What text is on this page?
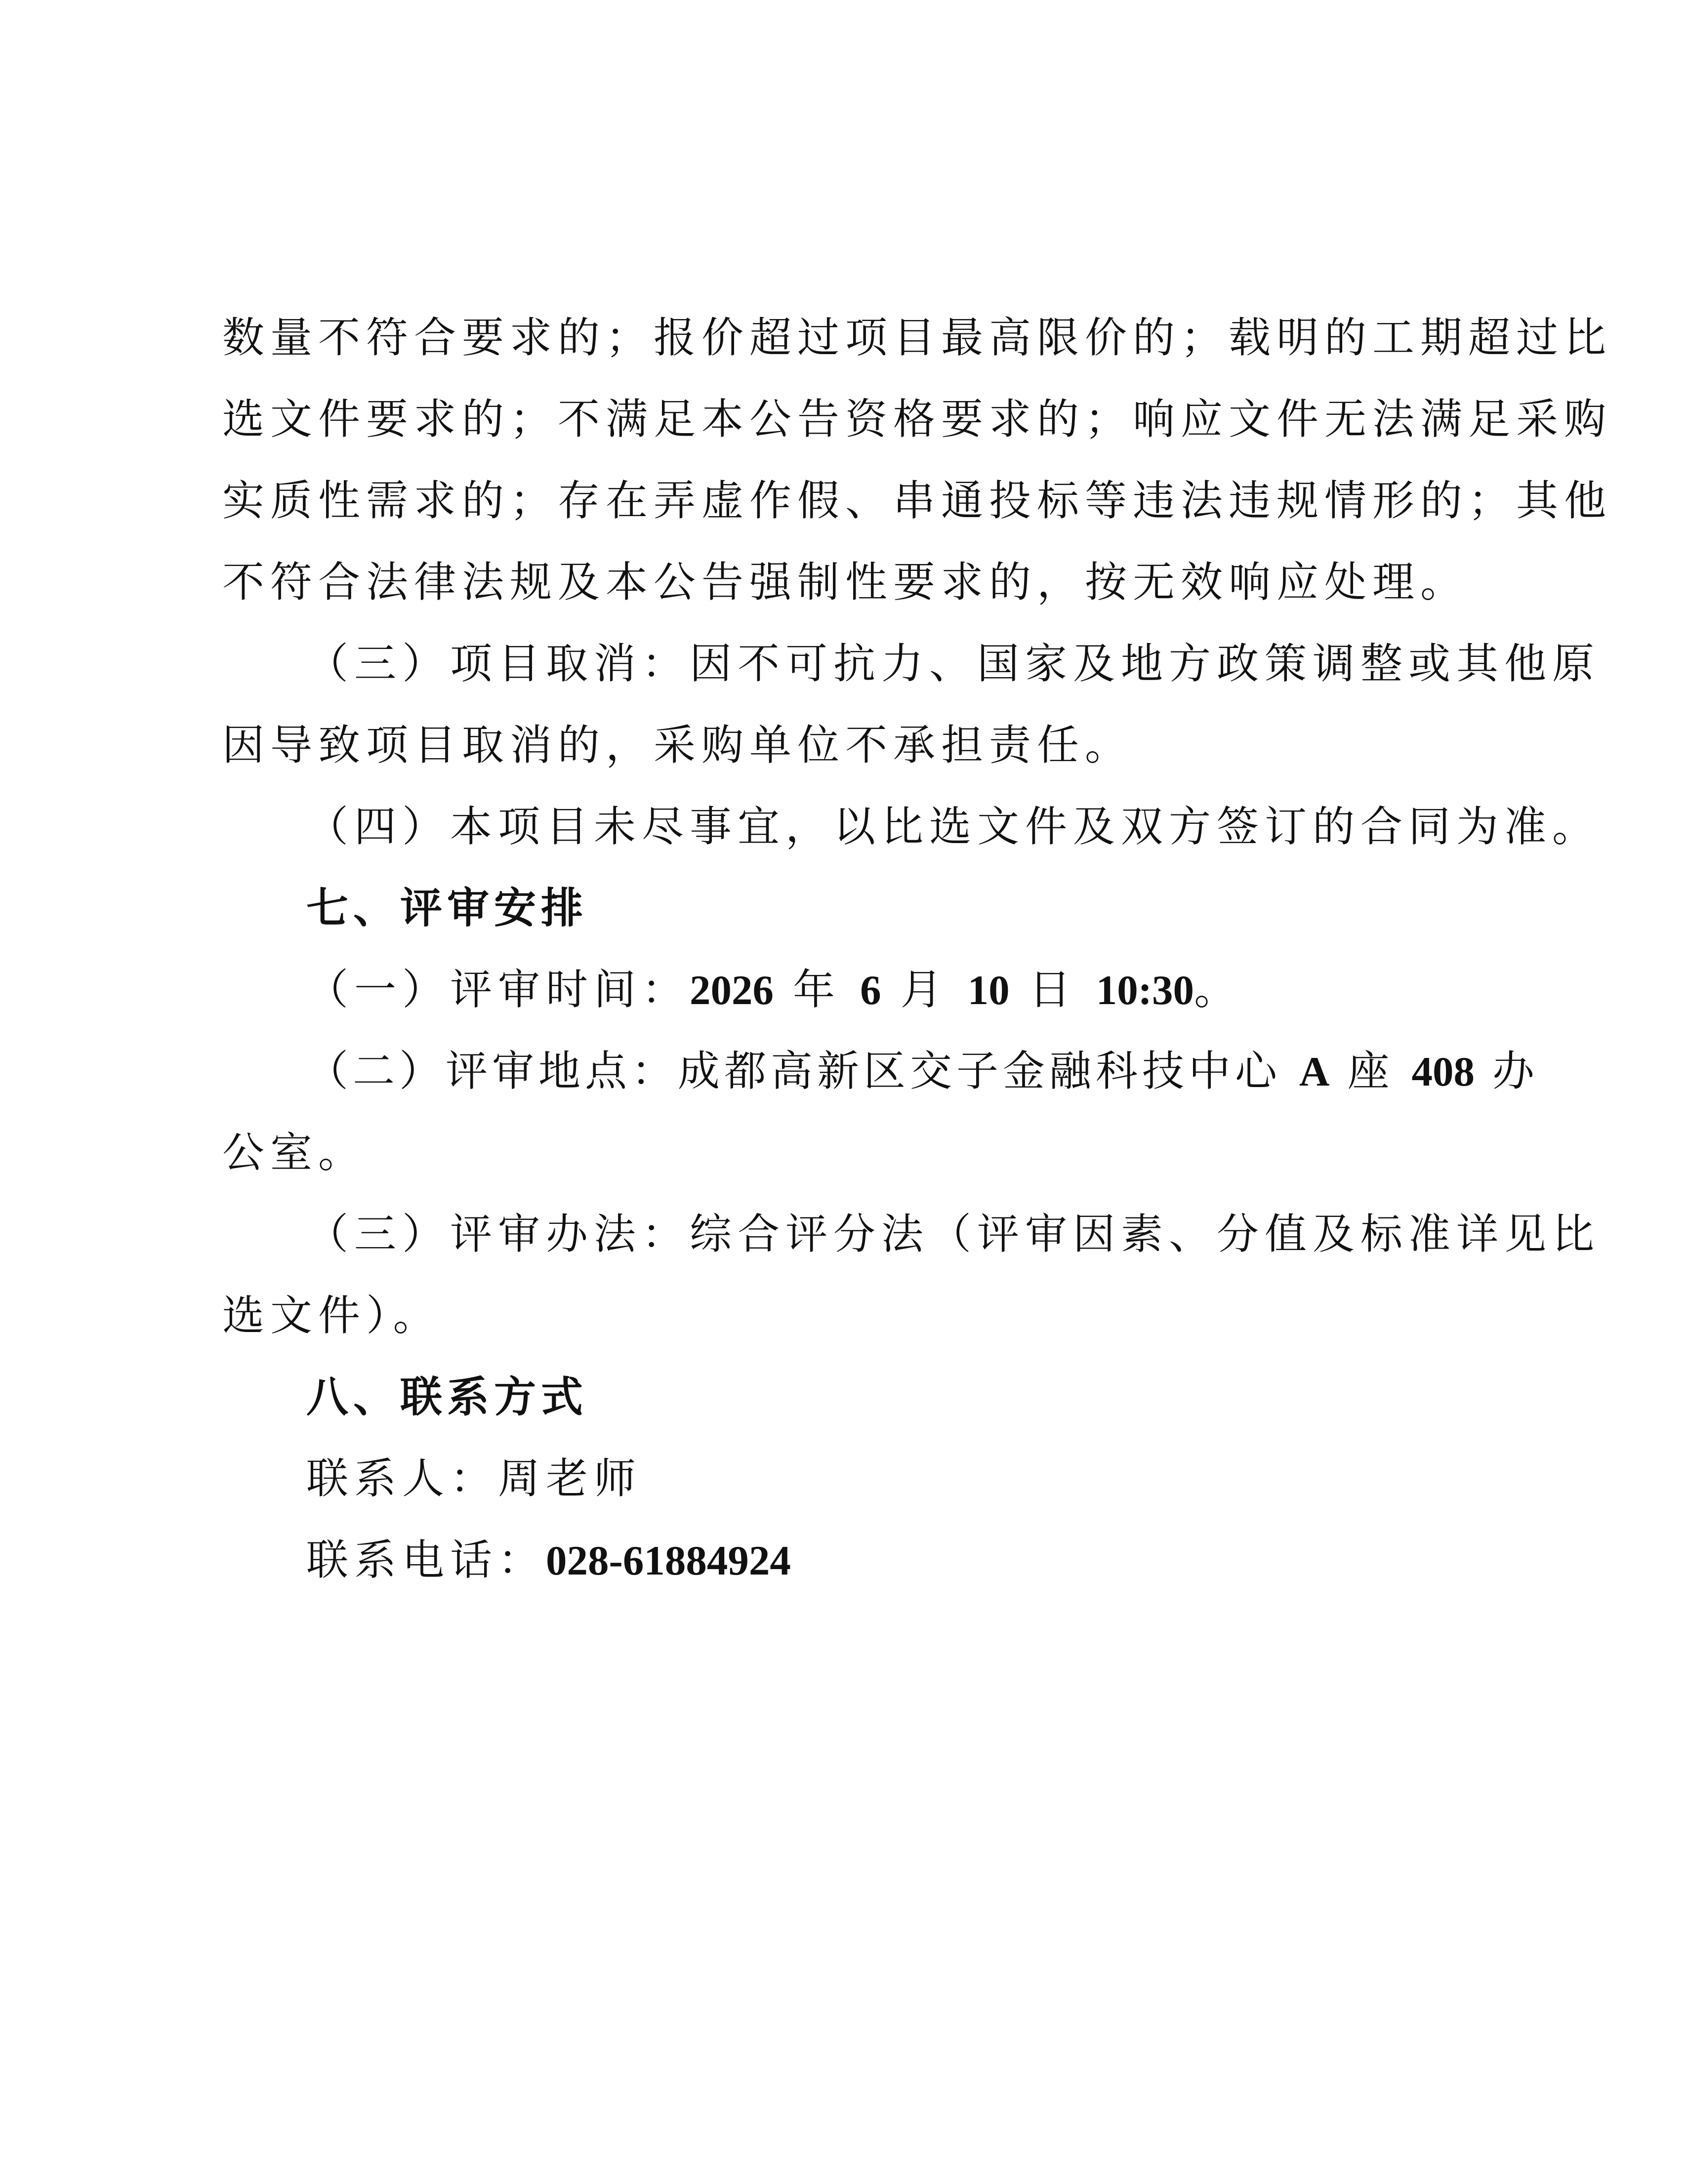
数量不符合要求的；报价超过项目最高限价的；载明的工期超过比
选文件要求的；不满足本公告资格要求的；响应文件无法满足采购
实质性需求的；存在弄虚作假、串通投标等违法违规情形的；其他
不符合法律法规及本公告强制性要求的，按无效响应处理。
（三）项目取消：因不可抗力、国家及地方政策调整或其他原
因导致项目取消的，采购单位不承担责任。
（四）本项目未尽事宜，以比选文件及双方签订的合同为准。
七、评审安排
（一）评审时间：2026 年 6 月 10 日 10:30。
（二）评审地点：成都高新区交子金融科技中心 A 座 408 办
公室。
（三）评审办法：综合评分法（评审因素、分值及标准详见比
选文件）。
八、联系方式
联系人：周老师
联系电话：028-61884924
